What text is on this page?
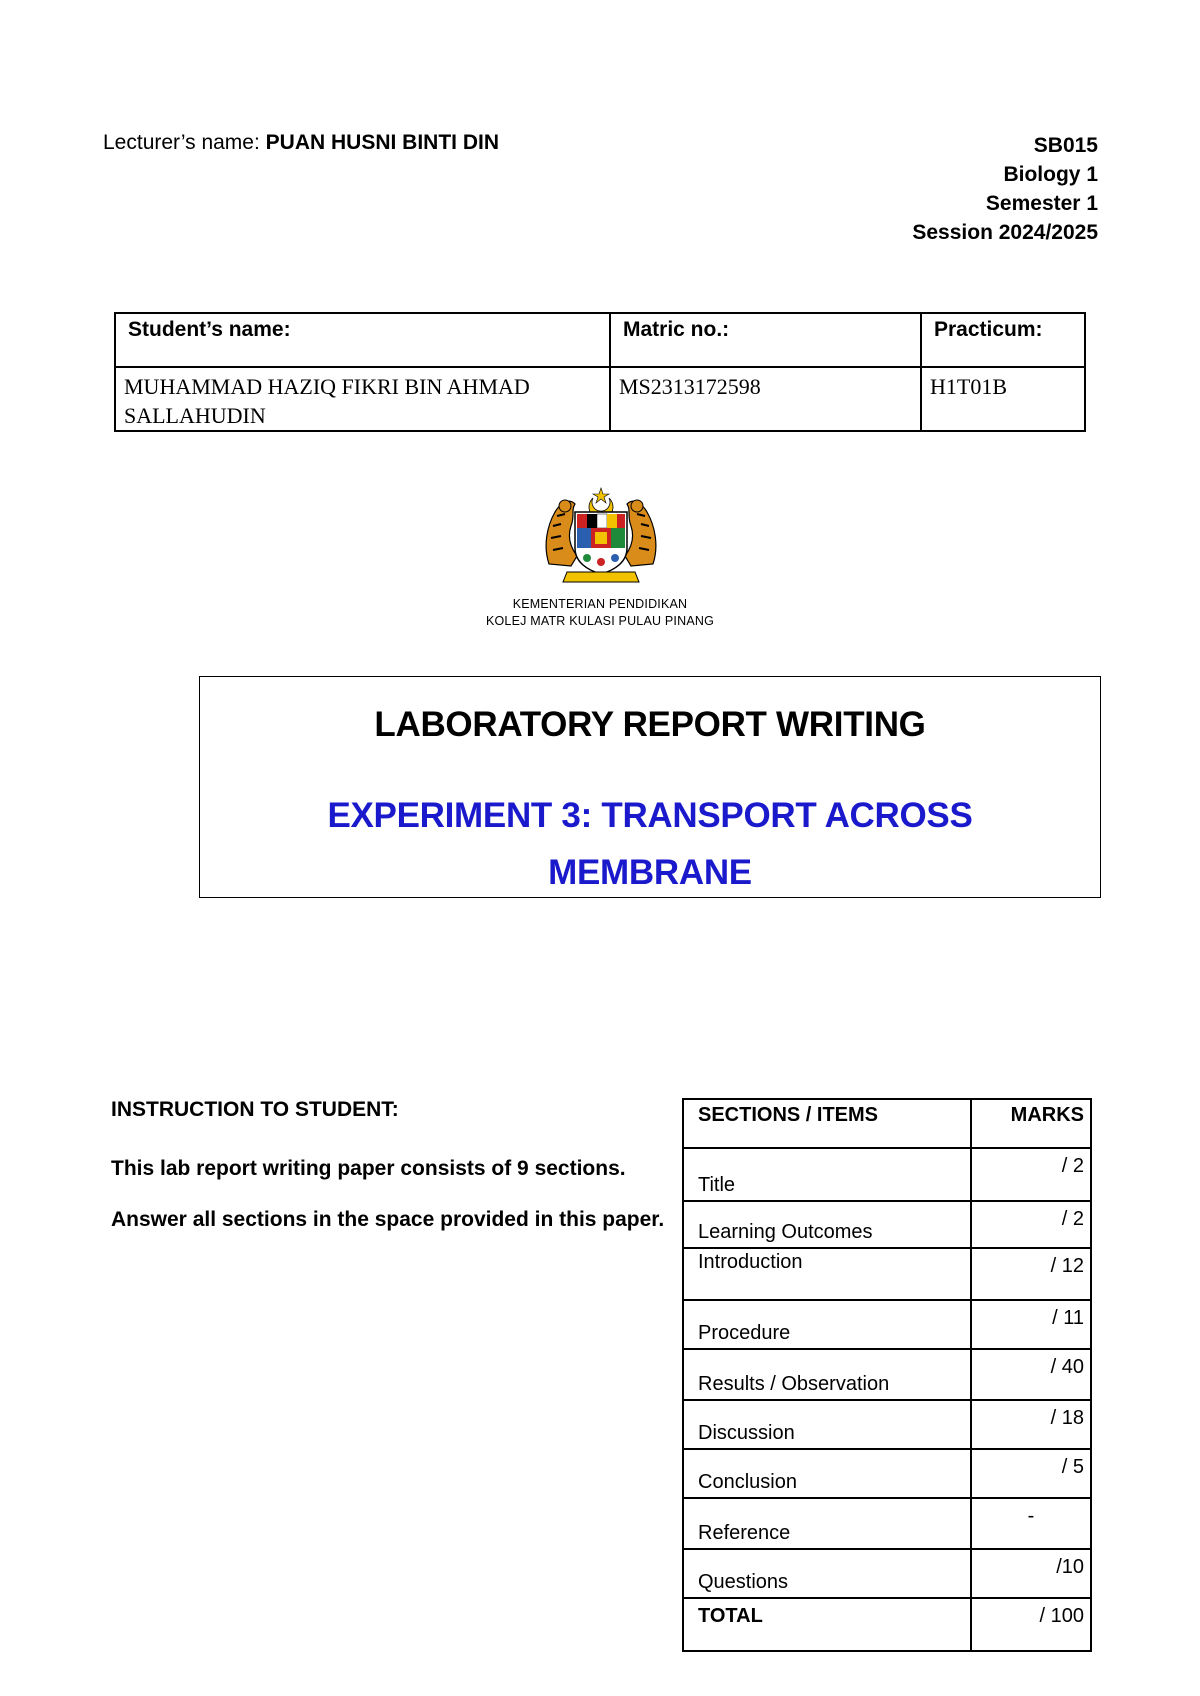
Lecturer’s name: PUAN HUSNI BINTI DIN	SB015
Biology 1
Semester 1
Session 2024/2025
Student’s name:	Matric no.:	Practicum:

MUHAMMAD HAZIQ FIKRI BIN AHMAD
SALLAHUDIN	MS2313172598	H1T01B
KEMENTERIAN PENDIDIKAN
KOLEJ MATR KULASI PULAU PINANG
LABORATORY REPORT WRITING
EXPERIMENT 3: TRANSPORT ACROSS
MEMBRANE

INSTRUCTION TO STUDENT:

This lab report writing paper consists of 9 sections.

Answer all sections in the space provided in this paper.

SECTIONS / ITEMS	MARKS
Title	/ 2
Learning Outcomes	/ 2
Introduction	/ 12
Procedure	/ 11
Results / Observation	/ 40
Discussion	/ 18
Conclusion	/ 5
Reference	-
Questions	/10
TOTAL	/ 100
